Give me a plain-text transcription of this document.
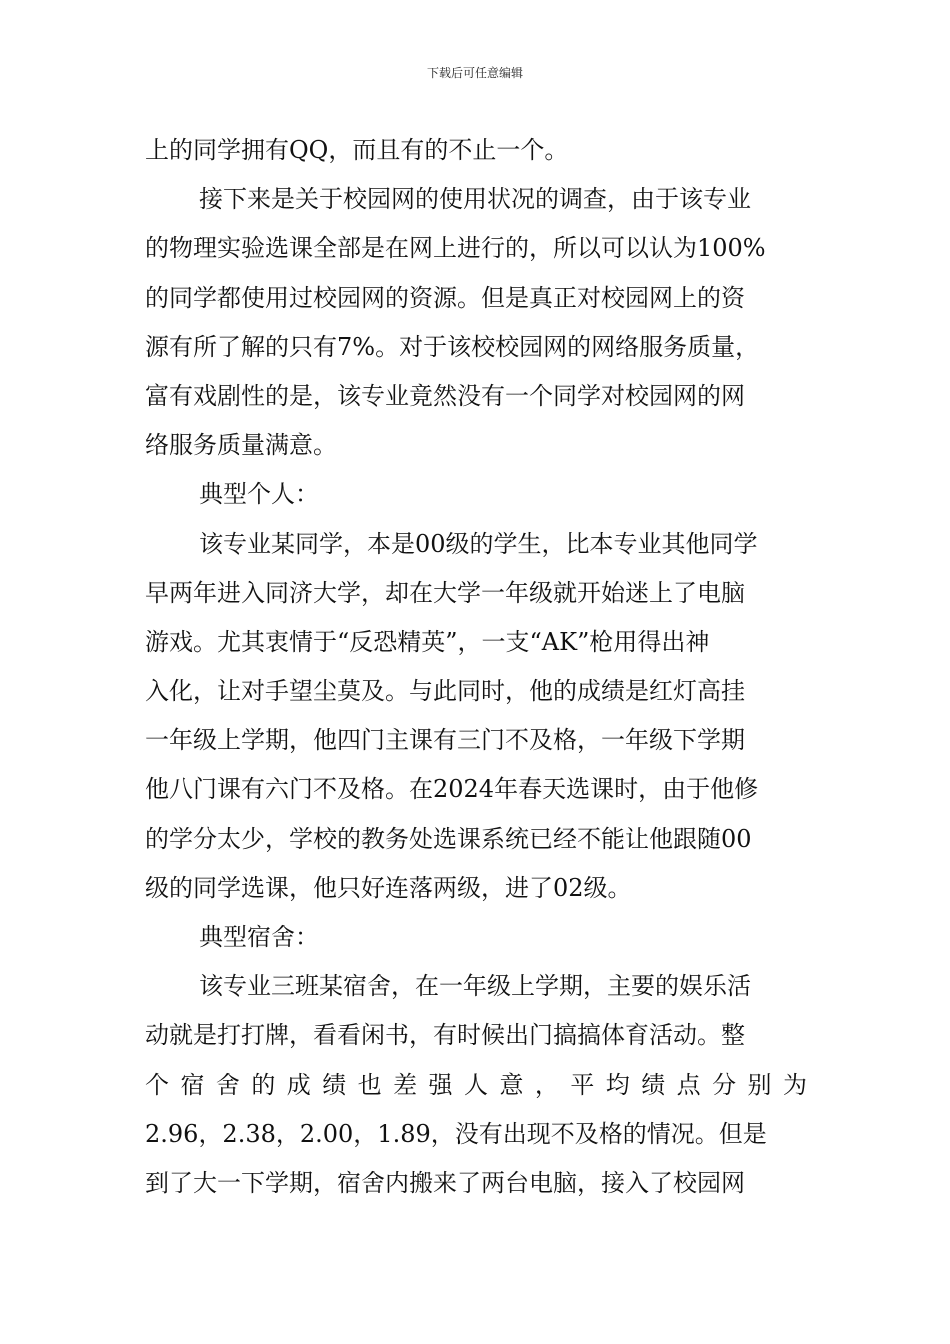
下载后可任意编辑
上的同学拥有QQ，而且有的不止一个。
接下来是关于校园网的使用状况的调查，由于该专业
的物理实验选课全部是在网上进行的，所以可以认为100%
的同学都使用过校园网的资源。但是真正对校园网上的资
源有所了解的只有7%。对于该校校园网的网络服务质量，
富有戏剧性的是，该专业竟然没有一个同学对校园网的网
络服务质量满意。
典型个人：
该专业某同学，本是00级的学生，比本专业其他同学
早两年进入同济大学，却在大学一年级就开始迷上了电脑
游戏。尤其衷情于“反恐精英”，一支“AK”枪用得出神
入化，让对手望尘莫及。与此同时，他的成绩是红灯高挂
一年级上学期，他四门主课有三门不及格，一年级下学期
他八门课有六门不及格。在2024年春天选课时，由于他修
的学分太少，学校的教务处选课系统已经不能让他跟随00
级的同学选课，他只好连落两级，进了02级。
典型宿舍：
该专业三班某宿舍，在一年级上学期，主要的娱乐活
动就是打打牌，看看闲书，有时候出门搞搞体育活动。整
个宿舍的成绩也差强人意，平均绩点分别为
2.96，2.38，2.00，1.89，没有出现不及格的情况。但是
到了大一下学期，宿舍内搬来了两台电脑，接入了校园网
